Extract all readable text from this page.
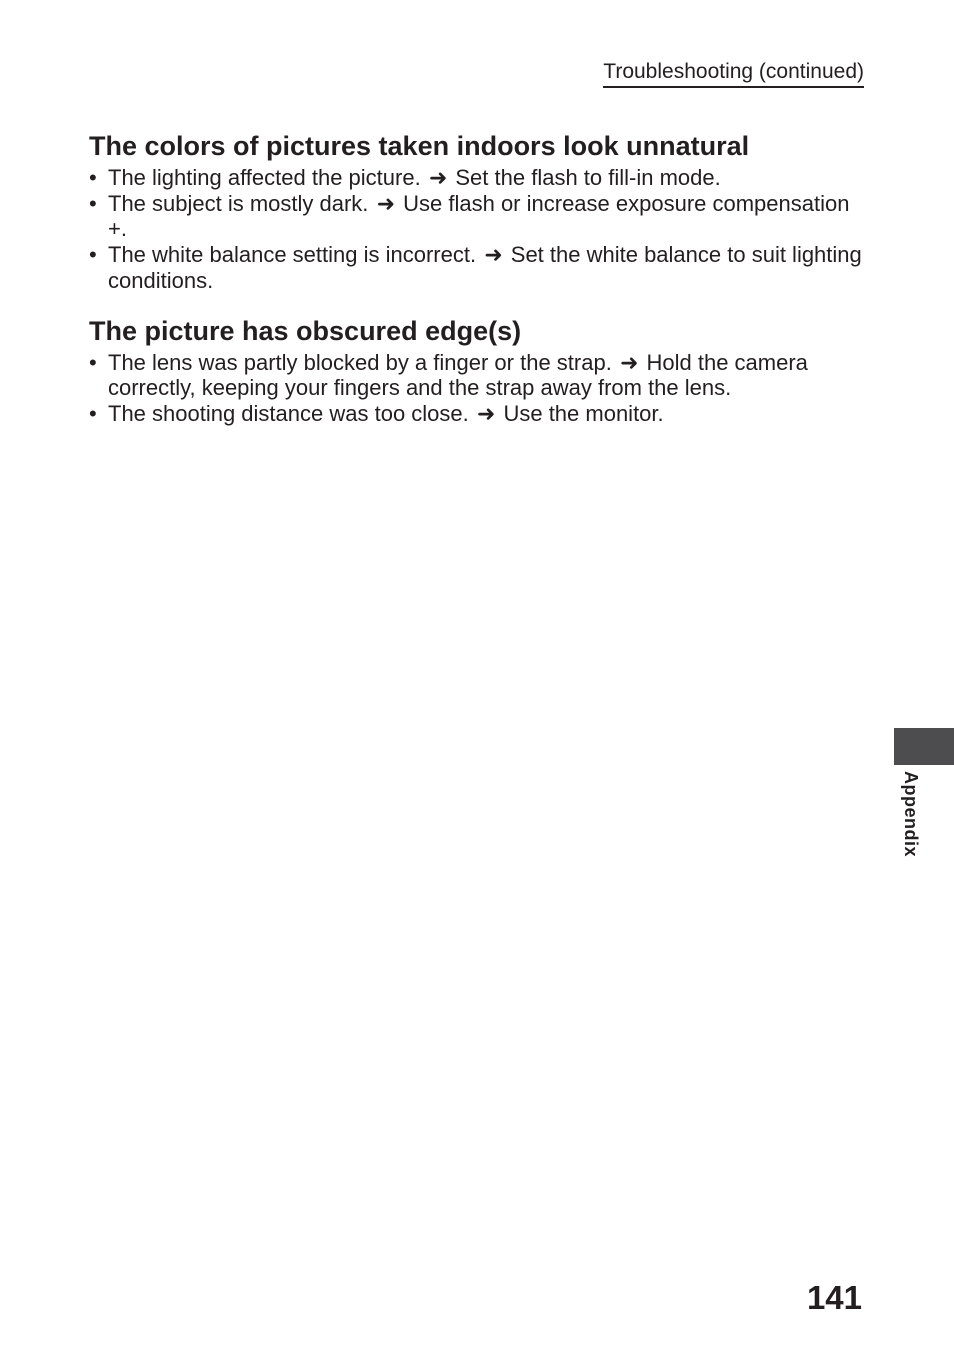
Troubleshooting (continued)
The colors of pictures taken indoors look unnatural
• The lighting affected the picture. ➜ Set the flash to fill-in mode.
• The subject is mostly dark. ➜ Use flash or increase exposure compensation +.
• The white balance setting is incorrect. ➜ Set the white balance to suit lighting conditions.
The picture has obscured edge(s)
• The lens was partly blocked by a finger or the strap. ➜ Hold the camera correctly, keeping your fingers and the strap away from the lens.
• The shooting distance was too close. ➜ Use the monitor.
Appendix
141
